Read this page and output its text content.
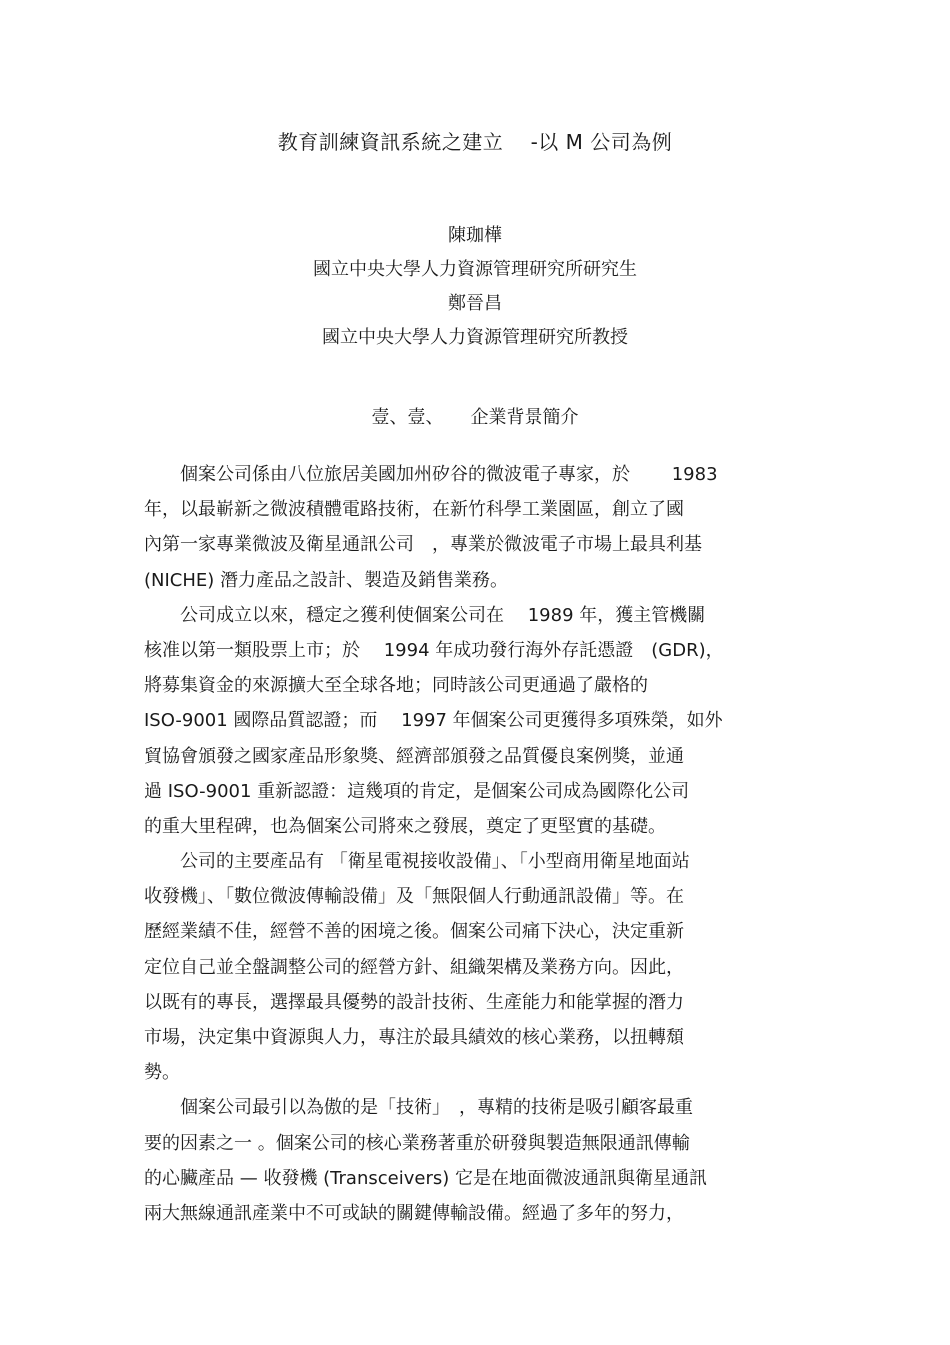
教育訓練資訊系統之建立　 -以 M 公司為例
陳珈樺
國立中央大學人力資源管理研究所研究生
鄭晉昌
國立中央大學人力資源管理研究所教授
壹、壹、　　企業背景簡介
　　個案公司係由八位旅居美國加州矽谷的微波電子專家，於　　 1983
年，以最嶄新之微波積體電路技術，在新竹科學工業園區，創立了國
內第一家專業微波及衛星通訊公司　，專業於微波電子市場上最具利基
(NICHE) 潛力產品之設計、製造及銷售業務。
　　公司成立以來，穩定之獲利使個案公司在　 1989 年，獲主管機關
核准以第一類股票上市；於　 1994 年成功發行海外存託憑證　(GDR)，
將募集資金的來源擴大至全球各地；同時該公司更通過了嚴格的
ISO-9001 國際品質認證；而　 1997 年個案公司更獲得多項殊榮，如外
貿協會頒發之國家產品形象獎、經濟部頒發之品質優良案例獎，並通
過 ISO-9001 重新認證：這幾項的肯定，是個案公司成為國際化公司
的重大里程碑，也為個案公司將來之發展，奠定了更堅實的基礎。
　　公司的主要產品有 「衛星電視接收設備」、「小型商用衛星地面站
收發機」、「數位微波傳輸設備」及「無限個人行動通訊設備」等。在
歷經業績不佳，經營不善的困境之後。個案公司痛下決心，決定重新
定位自己並全盤調整公司的經營方針、組織架構及業務方向。因此，
以既有的專長，選擇最具優勢的設計技術、生產能力和能掌握的潛力
市場，決定集中資源與人力，專注於最具績效的核心業務，以扭轉頹
勢。
　　個案公司最引以為傲的是「技術」　，專精的技術是吸引顧客最重
要的因素之一 。個案公司的核心業務著重於研發與製造無限通訊傳輸
的心臟產品 — 收發機 (Transceivers) 它是在地面微波通訊與衛星通訊
兩大無線通訊產業中不可或缺的關鍵傳輸設備。經過了多年的努力，
